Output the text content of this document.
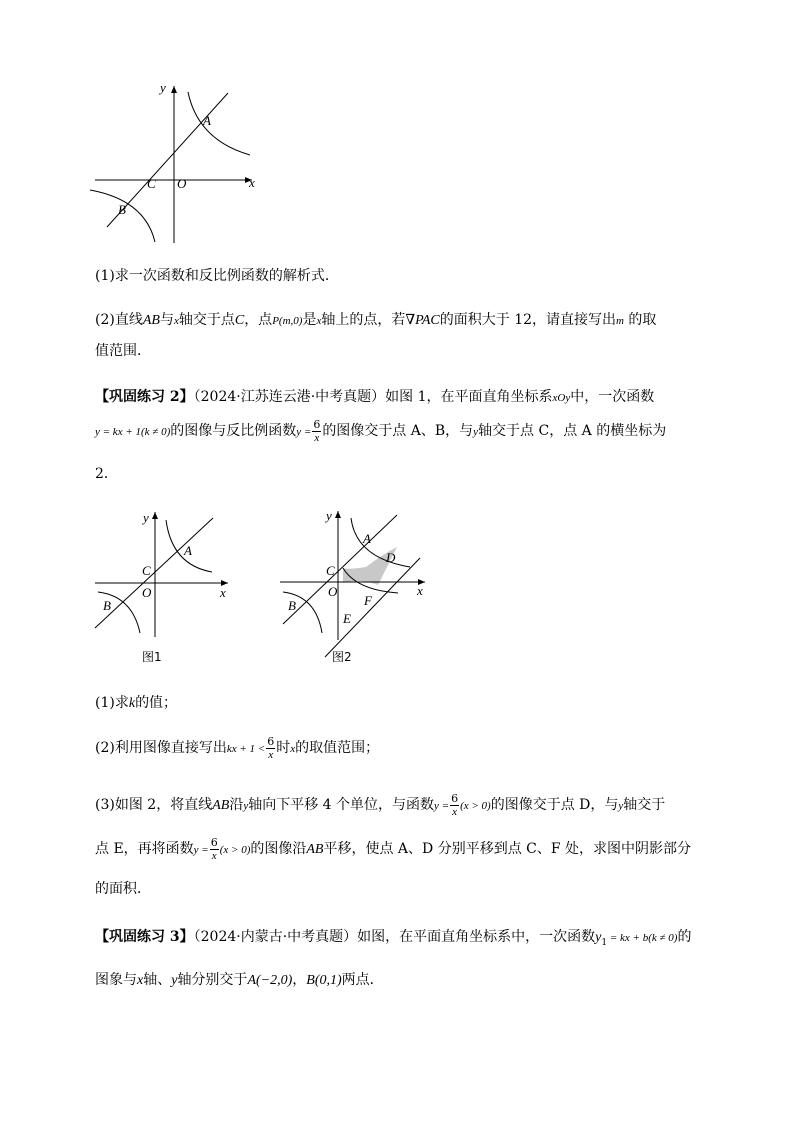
y
x
A
C O
B
(1)求一次函数和反比例函数的解析式．
(2)直线AB与x轴交于点C，点P(m,0)是x轴上的点，若∇PAC的面积大于 12，请直接写出m 的取
值范围．
【巩固练习 2】（2024·江苏连云港·中考真题）如图 1，在平面直角坐标系xOy中，一次函数
y = kx + 1(k ≠ 0)的图像与反比例函数$y = \frac{6}{x}$ 的图像交于点 A、B，与y轴交于点 C，点 A 的横坐标为
2．
y
x
A
C
O
B
图1
y
x
A
D
C
O
F
B
E
图2
(1)求k的值；
(2)利用图像直接写出kx + $1 < \frac{6}{x}$ 时x的取值范围；
(3)如图 2，将直线AB沿y轴向下平移 4 个单位，与函数$y = \frac{6}{x} (x > 0)$的图像交于点 D，与y轴交于
点 E，再将函数$y = \frac{6}{x} (x > 0)$的图像沿AB平移，使点 A、D 分别平移到点 C、F 处，求图中阴影部分
的面积．
【巩固练习 3】（2024·内蒙古·中考真题）如图，在平面直角坐标系中，一次函数$y_1$ = kx + b(k ≠ 0)的
图象与x轴、y轴分别交于A(−2,0)，B(0,1)两点．
